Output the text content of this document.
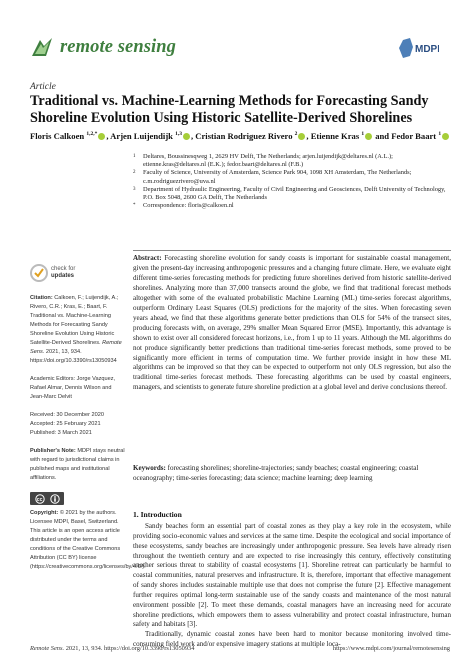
remote sensing	MDPI
Article
Traditional vs. Machine-Learning Methods for Forecasting Sandy Shoreline Evolution Using Historic Satellite-Derived Shorelines
Floris Calkoen $^{1,2,*}$ , Arjen Luijendijk $^{1,3}$ , Cristian Rodriguez Rivero $^2$ , Etienne Kras $^1$ and Fedor Baart $^1$
1	Deltares, Boussinesqweg 1, 2629 HV Delft, The Netherlands; arjen.luijendijk@deltares.nl (A.L.); etienne.kras@deltares.nl (E.K.); fedor.baart@deltares.nl (F.B.)
2	Faculty of Science, University of Amsterdam, Science Park 904, 1098 XH Amsterdam, The Netherlands; c.m.rodriguezrivero@uva.nl
3	Department of Hydraulic Engineering, Faculty of Civil Engineering and Geosciences, Delft University of Technology, P.O. Box 5048, 2600 GA Delft, The Netherlands
*	Correspondence: floris@calkoen.nl
Abstract: Forecasting shoreline evolution for sandy coasts is important for sustainable coastal management, given the present-day increasing anthropogenic pressures and a changing future climate. Here, we evaluate eight different time-series forecasting methods for predicting future shorelines derived from historic satellite-derived shorelines. Analyzing more than 37,000 transects around the globe, we find that traditional forecast methods altogether with some of the evaluated probabilistic Machine Learning (ML) time-series forecast algorithms, outperform Ordinary Least Squares (OLS) predictions for the majority of the sites. When forecasting seven years ahead, we find that these algorithms generate better predictions than OLS for 54% of the transect sites, producing forecasts with, on average, 29% smaller Mean Squared Error (MSE). Importantly, this advantage is shown to exist over all considered forecast horizons, i.e., from 1 up to 11 years. Although the ML algorithms do not produce significantly better predictions than traditional time-series forecast methods, some proved to be significantly more efficient in terms of computation time. We further provide insight in how these ML algorithms can be improved so that they can be expected to outperform not only OLS regression, but also the traditional time-series forecast methods. These forecasting algorithms can be used by coastal engineers, managers, and scientists to generate future shoreline prediction at a global level and derive conclusions thereof.
Keywords: forecasting shorelines; shoreline-trajectories; sandy beaches; coastal engineering; coastal oceanography; time-series forecasting; data science; machine learning; deep learning
check for
updates
Citation: Calkoen, F.; Luijendijk, A.; Rivero, C.R.; Kras, E.; Baart, F. Traditional vs. Machine-Learning Methods for Forecasting Sandy Shoreline Evolution Using Historic Satellite-Derived Shorelines. Remote Sens. 2021, 13, 934. https://doi.org/10.3390/rs13050934
Academic Editors: Jorge Vazquez, Rafael Almar, Dennis Wilson and Jean-Marc Delvit
Received: 30 December 2020
Accepted: 25 February 2021
Published: 3 March 2021
Publisher's Note: MDPI stays neutral with regard to jurisdictional claims in published maps and institutional affiliations.
cc
Copyright: © 2021 by the authors. Licensee MDPI, Basel, Switzerland. This article is an open access article distributed under the terms and conditions of the Creative Commons Attribution (CC BY) license (https://creativecommons.org/licenses/by/4.0/).
1. Introduction

Sandy beaches form an essential part of coastal zones as they play a key role in the ecosystem, while providing socio-economic values and services at the same time. Despite the ecological and social importance of these ecosystems, sandy beaches are increasingly under anthropogenic pressure. Sea levels have already risen throughout the twentieth century and are expected to rise increasingly this century, effectively constituting another serious threat to stability of coastal ecosystems [1]. Shoreline retreat can particularly be harmful to coastal communities, natural preserves and infrastructure. It is, therefore, important that effective management of sandy shores includes sustainable multiple use that does not comprise the future [2]. Effective management further requires optimal long-term sustainable use of the sandy coasts and maintenance of the most natural environment possible [2]. To meet these demands, coastal managers have an increasing need for accurate shoreline predictions, which empowers them to assess vulnerability and protect coastal infrastructure, human safety and habitats [3].

Traditionally, dynamic coastal zones have been hard to monitor because monitoring involved time-consuming field work and/or expensive imagery stations at multiple loca-

Remote Sens. 2021, 13, 934. https://doi.org/10.3390/rs13050934	https://www.mdpi.com/journal/remotesensing
